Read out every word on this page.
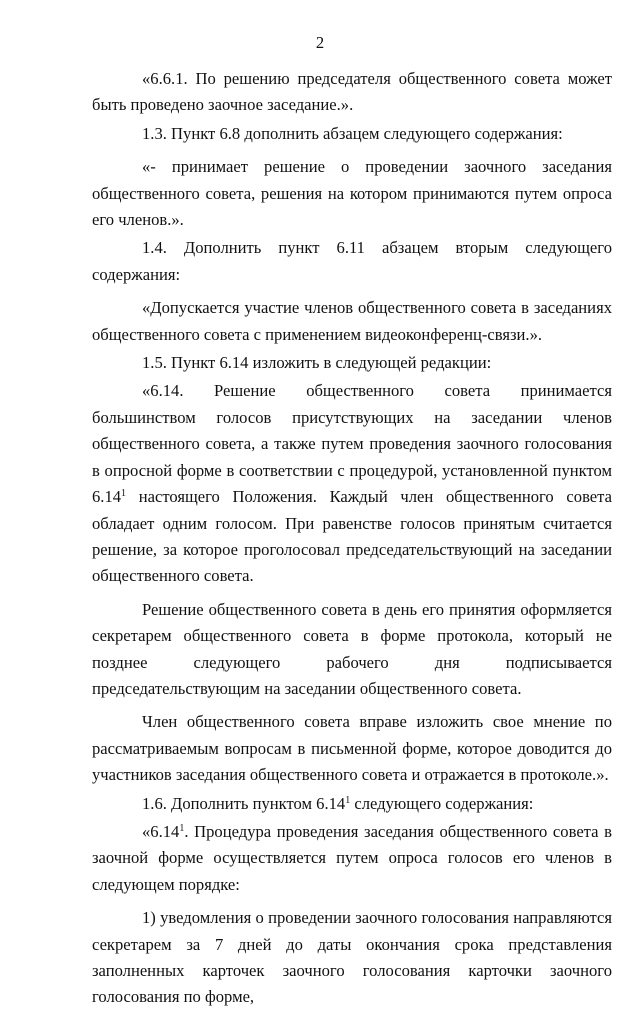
2

«6.6.1. По решению председателя общественного совета может быть проведено заочное заседание.».

1.3. Пункт 6.8 дополнить абзацем следующего содержания:

«- принимает решение о проведении заочного заседания общественного совета, решения на котором принимаются путем опроса его членов.».

1.4. Дополнить пункт 6.11 абзацем вторым следующего содержания:

«Допускается участие членов общественного совета в заседаниях общественного совета с применением видеоконференц-связи.».

1.5. Пункт 6.14 изложить в следующей редакции:

«6.14. Решение общественного совета принимается большинством голосов присутствующих на заседании членов общественного совета, а также путем проведения заочного голосования в опросной форме в соответствии с процедурой, установленной пунктом 6.14$^1$ настоящего Положения. Каждый член общественного совета обладает одним голосом. При равенстве голосов принятым считается решение, за которое проголосовал председательствующий на заседании общественного совета.

Решение общественного совета в день его принятия оформляется секретарем общественного совета в форме протокола, который не позднее следующего рабочего дня подписывается председательствующим на заседании общественного совета.

Член общественного совета вправе изложить свое мнение по рассматриваемым вопросам в письменной форме, которое доводится до участников заседания общественного совета и отражается в протоколе.».

1.6. Дополнить пунктом 6.14$^1$ следующего содержания:

«6.14$^1$. Процедура проведения заседания общественного совета в заочной форме осуществляется путем опроса голосов его членов в следующем порядке:

1) уведомления о проведении заочного голосования направляются секретарем за 7 дней до даты окончания срока представления заполненных карточек заочного голосования карточки заочного голосования по форме,
